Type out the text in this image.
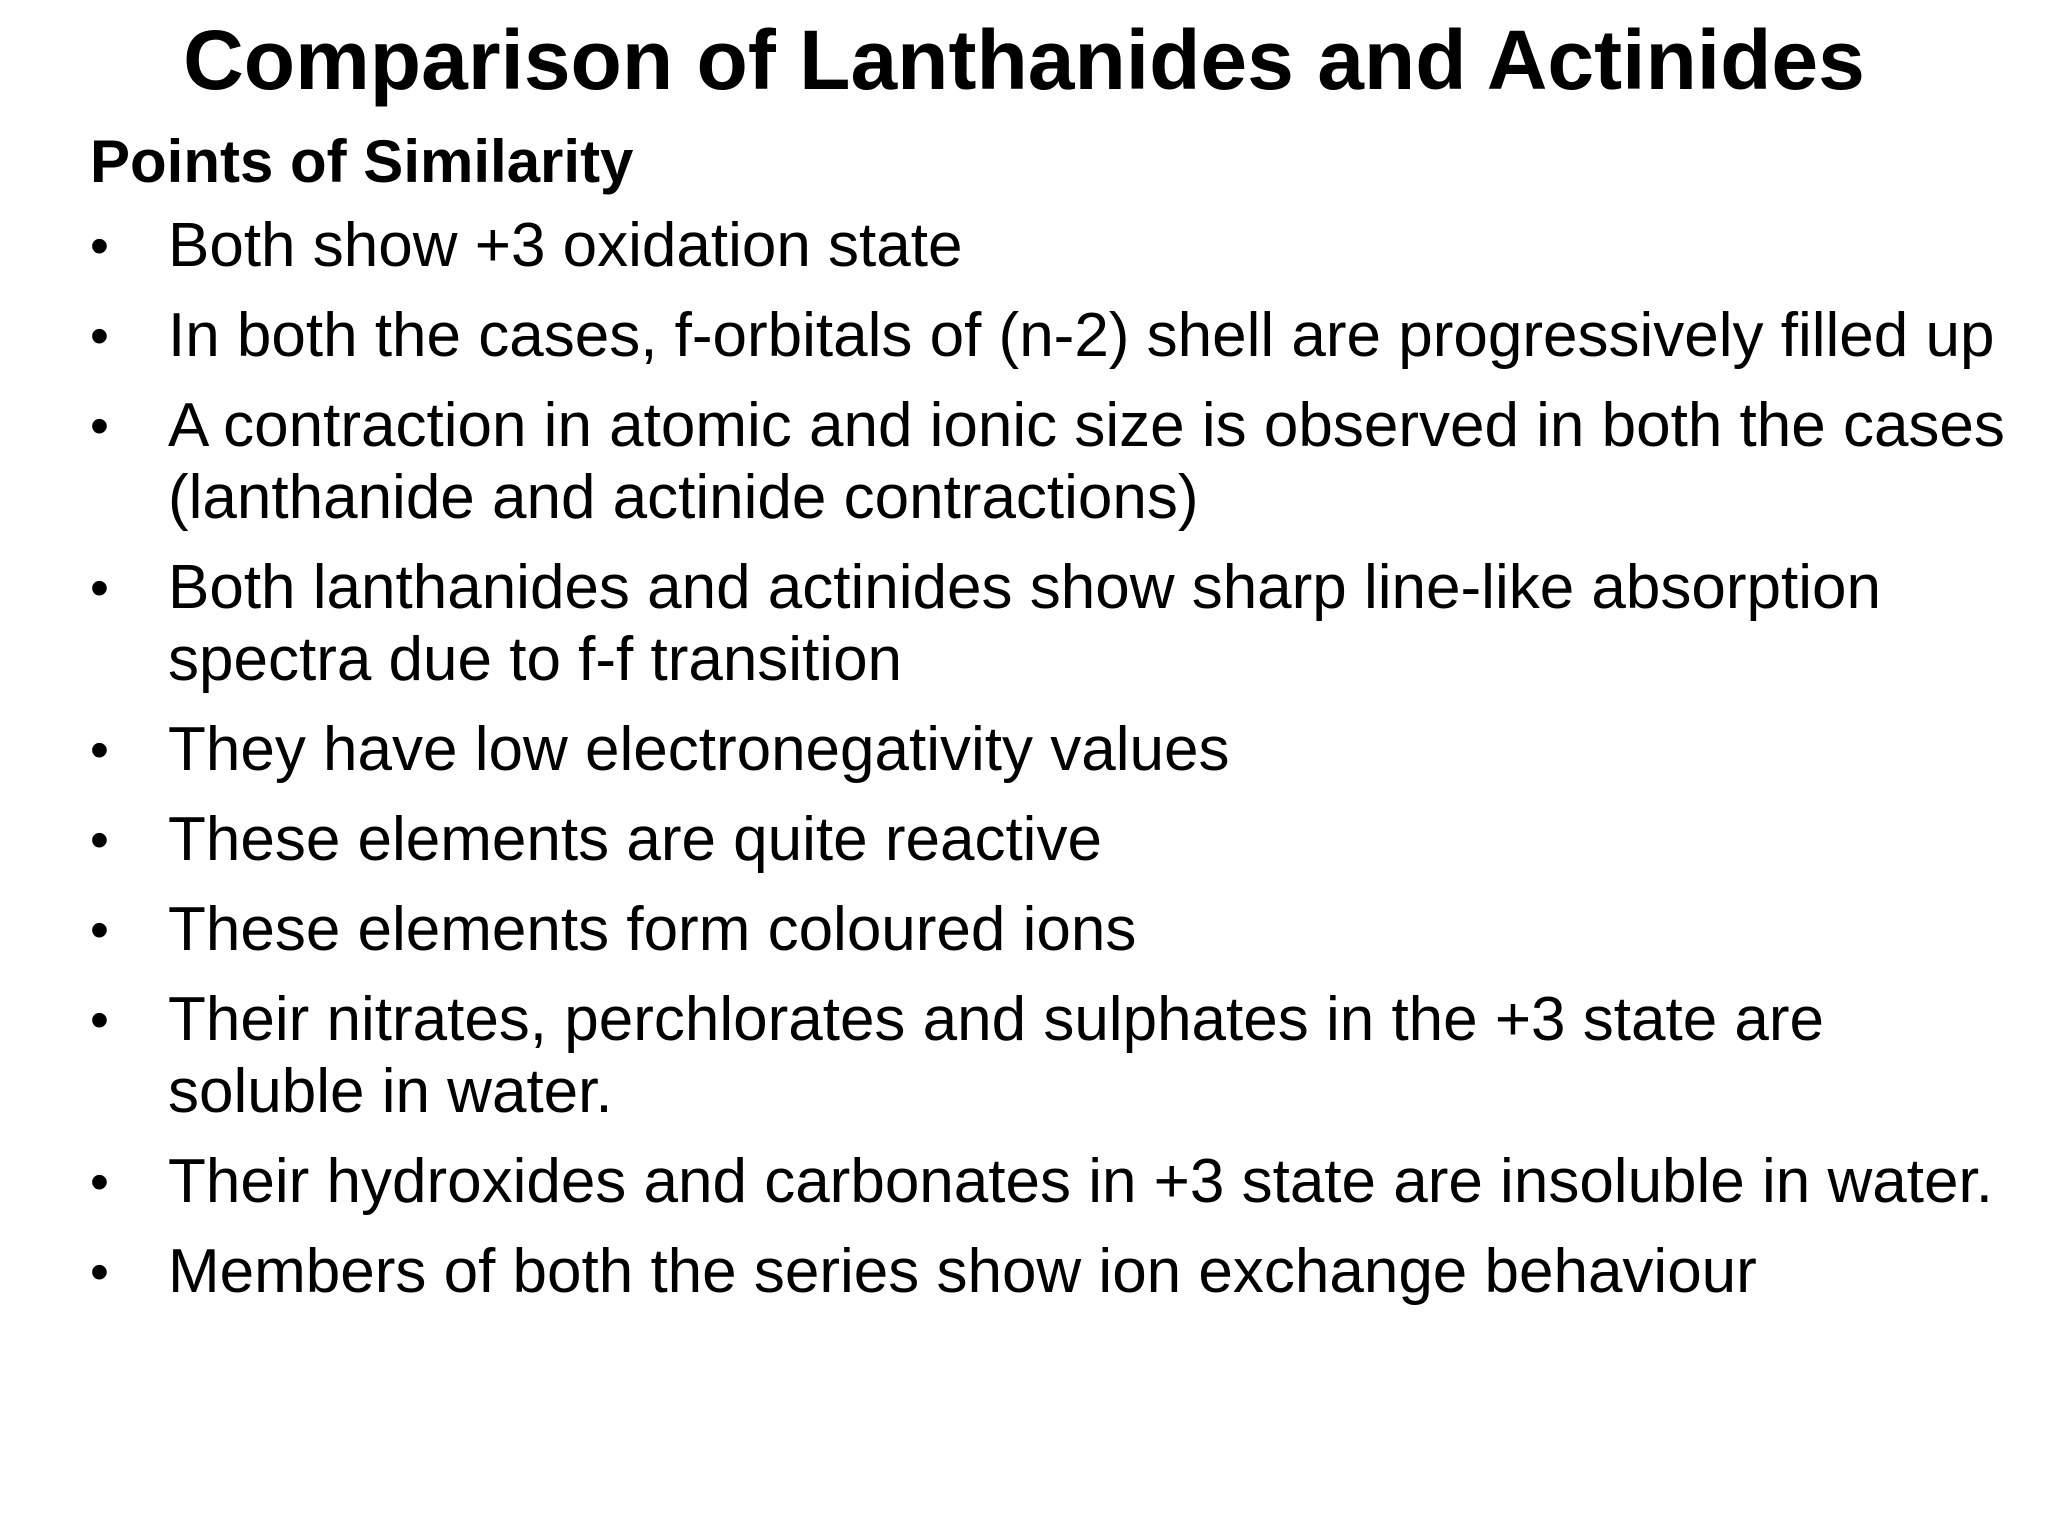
Comparison of Lanthanides and Actinides
Points of Similarity
• Both show +3 oxidation state
• In both the cases, f-orbitals of (n-2) shell are progressively filled up
• A contraction in atomic and ionic size is observed in both the cases (lanthanide and actinide contractions)
• Both lanthanides and actinides show sharp line-like absorption spectra due to f-f transition
• They have low electronegativity values
• These elements are quite reactive
• These elements form coloured ions
• Their nitrates, perchlorates and sulphates in the +3 state are soluble in water.
• Their hydroxides and carbonates in +3 state are insoluble in water.
• Members of both the series show ion exchange behaviour
